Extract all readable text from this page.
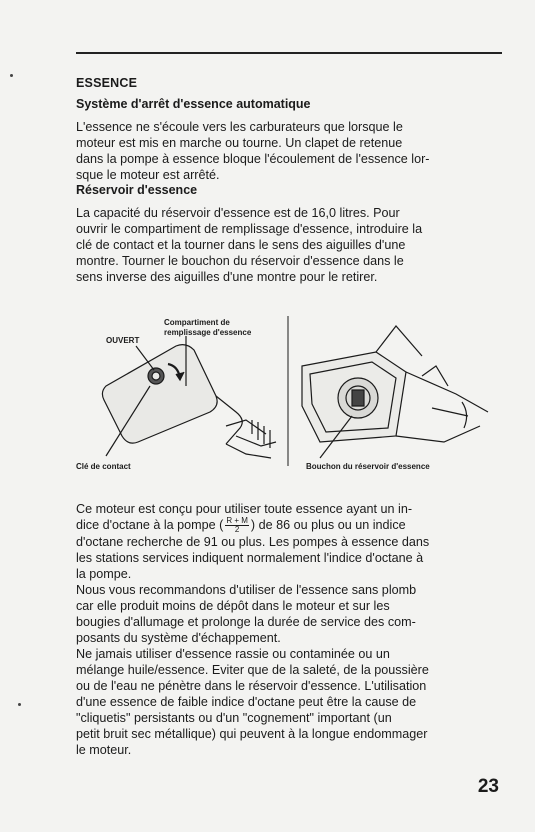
ESSENCE
Système d'arrêt d'essence automatique
L'essence ne s'écoule vers les carburateurs que lorsque le
moteur est mis en marche ou tourne. Un clapet de retenue
dans la pompe à essence bloque l'écoulement de l'essence lor-
sque le moteur est arrêté.
Réservoir d'essence
La capacité du réservoir d'essence est de 16,0 litres. Pour
ouvrir le compartiment de remplissage d'essence, introduire la
clé de contact et la tourner dans le sens des aiguilles d'une
montre. Tourner le bouchon du réservoir d'essence dans le
sens inverse des aiguilles d'une montre pour le retirer.
Compartiment de
remplissage d'essence
OUVERT
Clé de contact	Bouchon du réservoir d'essence
Ce moteur est conçu pour utiliser toute essence ayant un in-
dice d'octane à la pompe ( $\frac{R + M}{2}$ ) de 86 ou plus ou un indice
d'octane recherche de 91 ou plus. Les pompes à essence dans
les stations services indiquent normalement l'indice d'octane à
la pompe.
Nous vous recommandons d'utiliser de l'essence sans plomb
car elle produit moins de dépôt dans le moteur et sur les
bougies d'allumage et prolonge la durée de service des com-
posants du système d'échappement.
Ne jamais utiliser d'essence rassie ou contaminée ou un
mélange huile/essence. Eviter que de la saleté, de la poussière
ou de l'eau ne pénètre dans le réservoir d'essence. L'utilisation
d'une essence de faible indice d'octane peut être la cause de
"cliquetis" persistants ou d'un "cognement" important (un
petit bruit sec métallique) qui peuvent à la longue endommager
le moteur.
23
